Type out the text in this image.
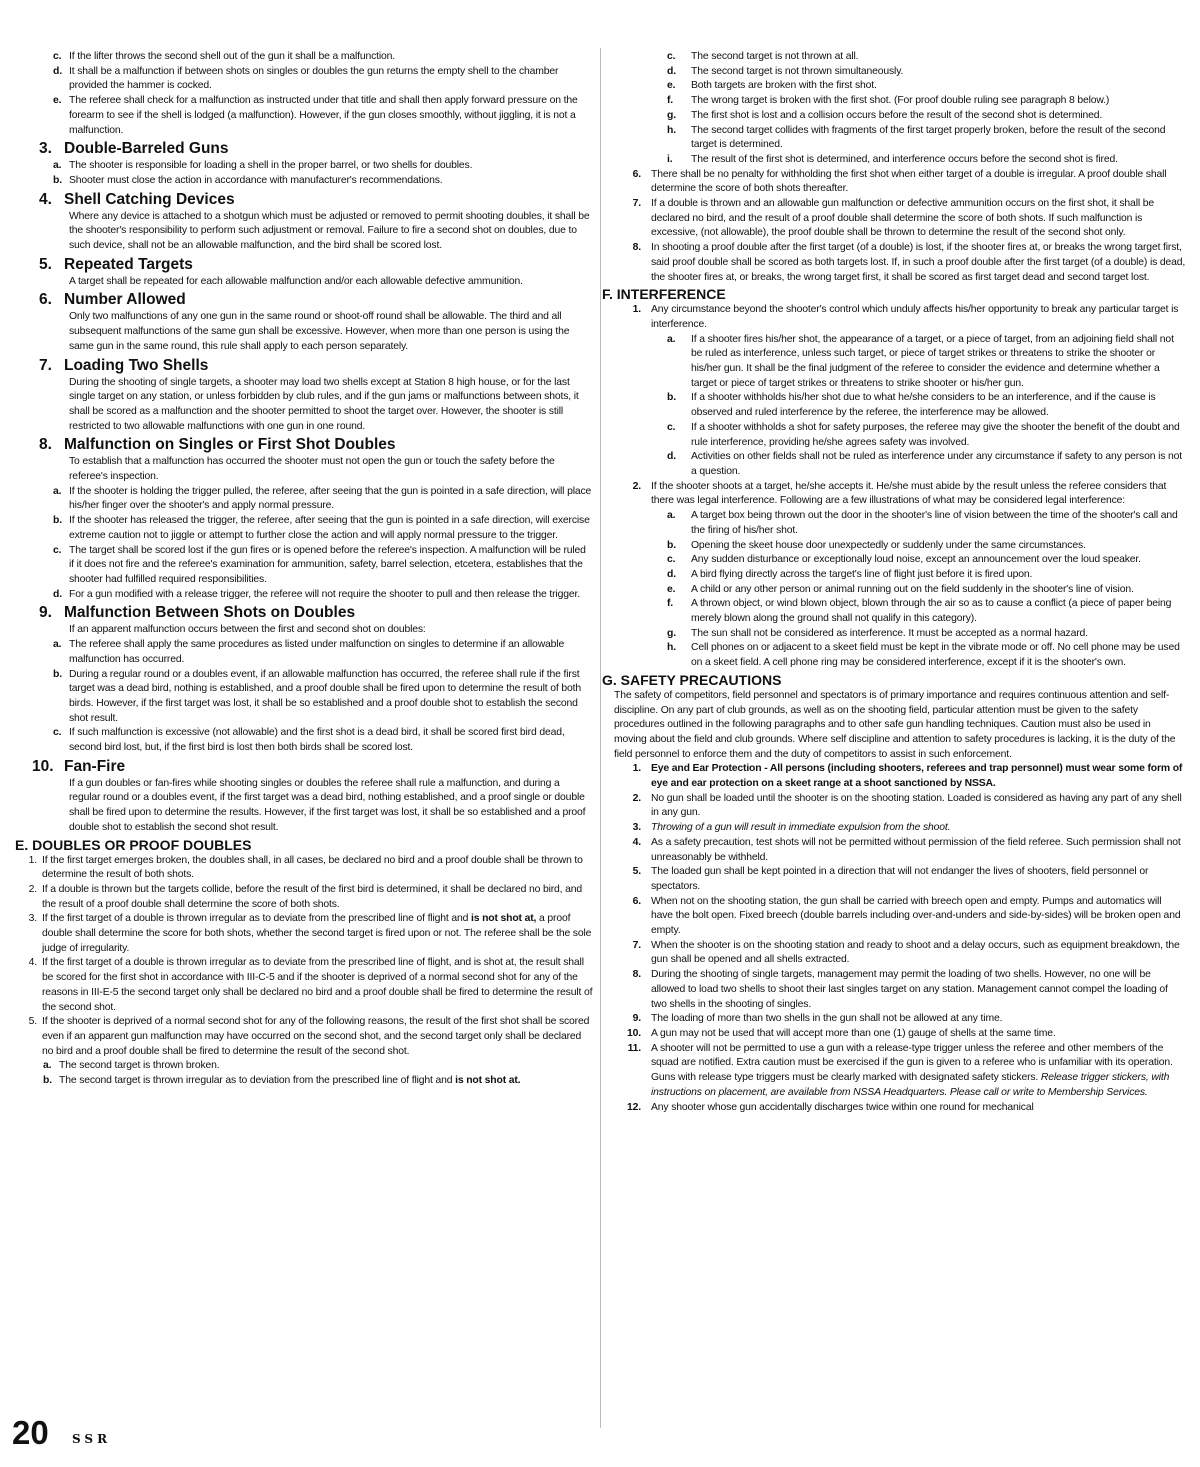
c. If the lifter throws the second shell out of the gun it shall be a malfunction.
d. It shall be a malfunction if between shots on singles or doubles the gun returns the empty shell to the chamber provided the hammer is cocked.
e. The referee shall check for a malfunction as instructed under that title and shall then apply forward pressure on the forearm to see if the shell is lodged (a malfunction). However, if the gun closes smoothly, without jiggling, it is not a malfunction.
3. Double-Barreled Guns
a. The shooter is responsible for loading a shell in the proper barrel, or two shells for doubles.
b. Shooter must close the action in accordance with manufacturer's recommendations.
4. Shell Catching Devices

Where any device is attached to a shotgun which must be adjusted or removed to permit shooting doubles, it shall be the shooter's responsibility to perform such adjustment or removal. Failure to fire a second shot on doubles, due to such device, shall not be an allowable malfunction, and the bird shall be scored lost.

5. Repeated Targets

A target shall be repeated for each allowable malfunction and/or each allowable defective ammunition.

6. Number Allowed

Only two malfunctions of any one gun in the same round or shoot-off round shall be allowable. The third and all subsequent malfunctions of the same gun shall be excessive. However, when more than one person is using the same gun in the same round, this rule shall apply to each person separately.

7. Loading Two Shells

During the shooting of single targets, a shooter may load two shells except at Station 8 high house, or for the last single target on any station, or unless forbidden by club rules, and if the gun jams or malfunctions between shots, it shall be scored as a malfunction and the shooter permitted to shoot the target over. However, the shooter is still restricted to two allowable malfunctions with one gun in one round.

8. Malfunction on Singles or First Shot Doubles

To establish that a malfunction has occurred the shooter must not open the gun or touch the safety before the referee's inspection.

a. If the shooter is holding the trigger pulled, the referee, after seeing that the gun is pointed in a safe direction, will place his/her finger over the shooter's and apply normal pressure.
b. If the shooter has released the trigger, the referee, after seeing that the gun is pointed in a safe direction, will exercise extreme caution not to jiggle or attempt to further close the action and will apply normal pressure to the trigger.
c. The target shall be scored lost if the gun fires or is opened before the referee's inspection. A malfunction will be ruled if it does not fire and the referee's examination for ammunition, safety, barrel selection, etcetera, establishes that the shooter had fulfilled required responsibilities.
d. For a gun modified with a release trigger, the referee will not require the shooter to pull and then release the trigger.
9. Malfunction Between Shots on Doubles

If an apparent malfunction occurs between the first and second shot on doubles:

a. The referee shall apply the same procedures as listed under malfunction on singles to determine if an allowable malfunction has occurred.
b. During a regular round or a doubles event, if an allowable malfunction has occurred, the referee shall rule if the first target was a dead bird, nothing is established, and a proof double shall be fired upon to determine the result of both birds. However, if the first target was lost, it shall be so established and a proof double shot to establish the second shot result.
c. If such malfunction is excessive (not allowable) and the first shot is a dead bird, it shall be scored first bird dead, second bird lost, but, if the first bird is lost then both birds shall be scored lost.
10. Fan-Fire

If a gun doubles or fan-fires while shooting singles or doubles the referee shall rule a malfunction, and during a regular round or a doubles event, if the first target was a dead bird, nothing established, and a proof single or double shall be fired upon to determine the results. However, if the first target was lost, it shall be so established and a proof double shot to establish the second shot result.

E. DOUBLES OR PROOF DOUBLES
1. If the first target emerges broken, the doubles shall, in all cases, be declared no bird and a proof double shall be thrown to determine the result of both shots.
2. If a double is thrown but the targets collide, before the result of the first bird is determined, it shall be declared no bird, and the result of a proof double shall determine the score of both shots.
3. If the first target of a double is thrown irregular as to deviate from the prescribed line of flight and is not shot at, a proof double shall determine the score for both shots, whether the second target is fired upon or not. The referee shall be the sole judge of irregularity.
4. If the first target of a double is thrown irregular as to deviate from the prescribed line of flight, and is shot at, the result shall be scored for the first shot in accordance with III-C-5 and if the shooter is deprived of a normal second shot for any of the reasons in III-E-5 the second target only shall be declared no bird and a proof double shall be fired to determine the result of the second shot.
5. If the shooter is deprived of a normal second shot for any of the following reasons, the result of the first shot shall be scored even if an apparent gun malfunction may have occurred on the second shot, and the second target only shall be declared no bird and a proof double shall be fired to determine the result of the second shot.
a. The second target is thrown broken.
b. The second target is thrown irregular as to deviation from the prescribed line of flight and is not shot at.
c. The second target is not thrown at all.
d. The second target is not thrown simultaneously.
e. Both targets are broken with the first shot.
f. The wrong target is broken with the first shot. (For proof double ruling see paragraph 8 below.)
g. The first shot is lost and a collision occurs before the result of the second shot is determined.
h. The second target collides with fragments of the first target properly broken, before the result of the second target is determined.
i. The result of the first shot is determined, and interference occurs before the second shot is fired.
6. There shall be no penalty for withholding the first shot when either target of a double is irregular. A proof double shall determine the score of both shots thereafter.
7. If a double is thrown and an allowable gun malfunction or defective ammunition occurs on the first shot, it shall be declared no bird, and the result of a proof double shall determine the score of both shots. If such malfunction is excessive, (not allowable), the proof double shall be thrown to determine the result of the second shot only.
8. In shooting a proof double after the first target (of a double) is lost, if the shooter fires at, or breaks the wrong target first, said proof double shall be scored as both targets lost. If, in such a proof double after the first target (of a double) is dead, the shooter fires at, or breaks, the wrong target first, it shall be scored as first target dead and second target lost.
F. INTERFERENCE
1. Any circumstance beyond the shooter's control which unduly affects his/her opportunity to break any particular target is interference.
a. If a shooter fires his/her shot, the appearance of a target, or a piece of target, from an adjoining field shall not be ruled as interference, unless such target, or piece of target strikes or threatens to strike the shooter or his/her gun. It shall be the final judgment of the referee to consider the evidence and determine whether a target or piece of target strikes or threatens to strike shooter or his/her gun.
b. If a shooter withholds his/her shot due to what he/she considers to be an interference, and if the cause is observed and ruled interference by the referee, the interference may be allowed.
c. If a shooter withholds a shot for safety purposes, the referee may give the shooter the benefit of the doubt and rule interference, providing he/she agrees safety was involved.
d. Activities on other fields shall not be ruled as interference under any circumstance if safety to any person is not a question.
2. If the shooter shoots at a target, he/she accepts it. He/she must abide by the result unless the referee considers that there was legal interference. Following are a few illustrations of what may be considered legal interference:
a. A target box being thrown out the door in the shooter's line of vision between the time of the shooter's call and the firing of his/her shot.
b. Opening the skeet house door unexpectedly or suddenly under the same circumstances.
c. Any sudden disturbance or exceptionally loud noise, except an announcement over the loud speaker.
d. A bird flying directly across the target's line of flight just before it is fired upon.
e. A child or any other person or animal running out on the field suddenly in the shooter's line of vision.
f. A thrown object, or wind blown object, blown through the air so as to cause a conflict (a piece of paper being merely blown along the ground shall not qualify in this category).
g. The sun shall not be considered as interference. It must be accepted as a normal hazard.
h. Cell phones on or adjacent to a skeet field must be kept in the vibrate mode or off. No cell phone may be used on a skeet field. A cell phone ring may be considered interference, except if it is the shooter's own.
G. SAFETY PRECAUTIONS

The safety of competitors, field personnel and spectators is of primary importance and requires continuous attention and self-discipline. On any part of club grounds, as well as on the shooting field, particular attention must be given to the safety procedures outlined in the following paragraphs and to other safe gun handling techniques. Caution must also be used in moving about the field and club grounds. Where self discipline and attention to safety procedures is lacking, it is the duty of the field personnel to enforce them and the duty of competitors to assist in such enforcement.

1. Eye and Ear Protection - All persons (including shooters, referees and trap personnel) must wear some form of eye and ear protection on a skeet range at a shoot sanctioned by NSSA.
2. No gun shall be loaded until the shooter is on the shooting station. Loaded is considered as having any part of any shell in any gun.
3. Throwing of a gun will result in immediate expulsion from the shoot.
4. As a safety precaution, test shots will not be permitted without permission of the field referee. Such permission shall not unreasonably be withheld.
5. The loaded gun shall be kept pointed in a direction that will not endanger the lives of shooters, field personnel or spectators.
6. When not on the shooting station, the gun shall be carried with breech open and empty. Pumps and automatics will have the bolt open. Fixed breech (double barrels including over-and-unders and side-by-sides) will be broken open and empty.
7. When the shooter is on the shooting station and ready to shoot and a delay occurs, such as equipment breakdown, the gun shall be opened and all shells extracted.
8. During the shooting of single targets, management may permit the loading of two shells. However, no one will be allowed to load two shells to shoot their last singles target on any station. Management cannot compel the loading of two shells in the shooting of singles.
9. The loading of more than two shells in the gun shall not be allowed at any time.
10. A gun may not be used that will accept more than one (1) gauge of shells at the same time.
11. A shooter will not be permitted to use a gun with a release-type trigger unless the referee and other members of the squad are notified. Extra caution must be exercised if the gun is given to a referee who is unfamiliar with its operation. Guns with release type triggers must be clearly marked with designated safety stickers. Release trigger stickers, with instructions on placement, are available from NSSA Headquarters. Please call or write to Membership Services.
12. Any shooter whose gun accidentally discharges twice within one round for mechanical
20 SSR
